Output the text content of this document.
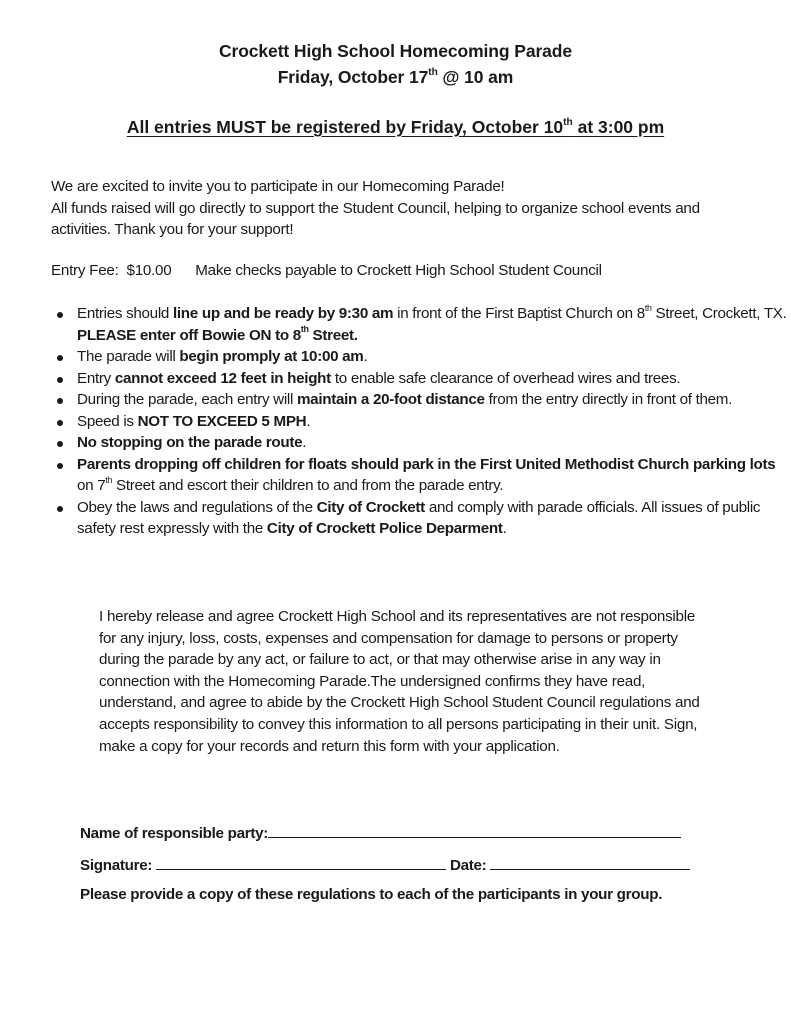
Crockett High School Homecoming Parade
Friday, October 17th @ 10 am
All entries MUST be registered by Friday, October 10th at 3:00 pm

We are excited to invite you to participate in our Homecoming Parade!

All funds raised will go directly to support the Student Council, helping to organize school events and activities. Thank you for your support!

Entry Fee:  $10.00 Make checks payable to Crockett High School Student Council
Entries should line up and be ready by 9:30 am in front of the First Baptist Church on 8th Street, Crockett, TX. PLEASE enter off Bowie ON to 8th Street.
The parade will begin promply at 10:00 am.
Entry cannot exceed 12 feet in height to enable safe clearance of overhead wires and trees.
During the parade, each entry will maintain a 20-foot distance from the entry directly in front of them.
Speed is NOT TO EXCEED 5 MPH.
No stopping on the parade route.
Parents dropping off children for floats should park in the First United Methodist Church parking lots on 7th Street and escort their children to and from the parade entry.
Obey the laws and regulations of the City of Crockett and comply with parade officials. All issues of public safety rest expressly with the City of Crockett Police Deparment.
I hereby release and agree Crockett High School and its representatives are not responsible for any injury, loss, costs, expenses and compensation for damage to persons or property during the parade by any act, or failure to act, or that may otherwise arise in any way in connection with the Homecoming Parade.The undersigned confirms they have read, understand, and agree to abide by the Crockett High School Student Council regulations and accepts responsibility to convey this information to all persons participating in their unit. Sign, make a copy for your records and return this form with your application.
Name of responsible party:
Signature:	Date:
Please provide a copy of these regulations to each of the participants in your group.
